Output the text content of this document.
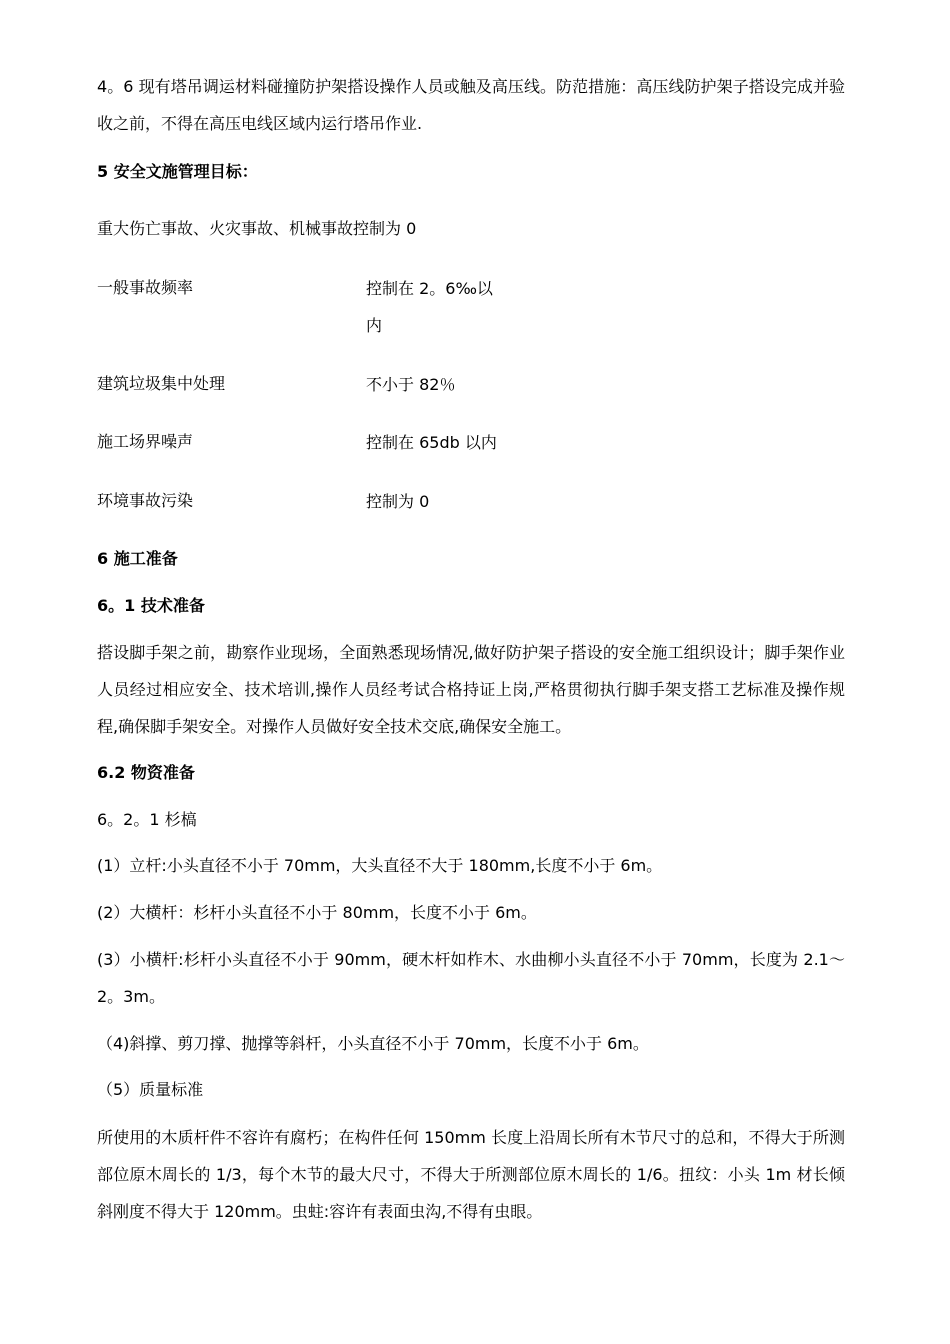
4。6 现有塔吊调运材料碰撞防护架搭设操作人员或触及高压线。防范措施：高压线防护架子搭设完成并验收之前，不得在高压电线区域内运行塔吊作业.
5 安全文施管理目标：
重大伤亡事故、火灾事故、机械事故控制为 0
一般事故频率	控制在 2。6‰以内
建筑垃圾集中处理	不小于 82％
施工场界噪声	控制在 65db 以内
环境事故污染	控制为 0
6 施工准备
6。1 技术准备
搭设脚手架之前，勘察作业现场，全面熟悉现场情况,做好防护架子搭设的安全施工组织设计；脚手架作业人员经过相应安全、技术培训,操作人员经考试合格持证上岗,严格贯彻执行脚手架支搭工艺标准及操作规程,确保脚手架安全。对操作人员做好安全技术交底,确保安全施工。
6.2 物资准备
6。2。1 杉槁
(1）立杆:小头直径不小于 70mm，大头直径不大于 180mm,长度不小于 6m。
(2）大横杆：杉杆小头直径不小于 80mm，长度不小于 6m。
(3）小横杆:杉杆小头直径不小于 90mm，硬木杆如柞木、水曲柳小头直径不小于 70mm，长度为 2.1～2。3m。
（4)斜撑、剪刀撑、抛撑等斜杆，小头直径不小于 70mm，长度不小于 6m。
（5）质量标准
所使用的木质杆件不容许有腐朽；在构件任何 150mm 长度上沿周长所有木节尺寸的总和，不得大于所测部位原木周长的 1/3，每个木节的最大尺寸，不得大于所测部位原木周长的 1/6。扭纹：小头 1m 材长倾斜刚度不得大于 120mm。虫蛀:容许有表面虫沟,不得有虫眼。
